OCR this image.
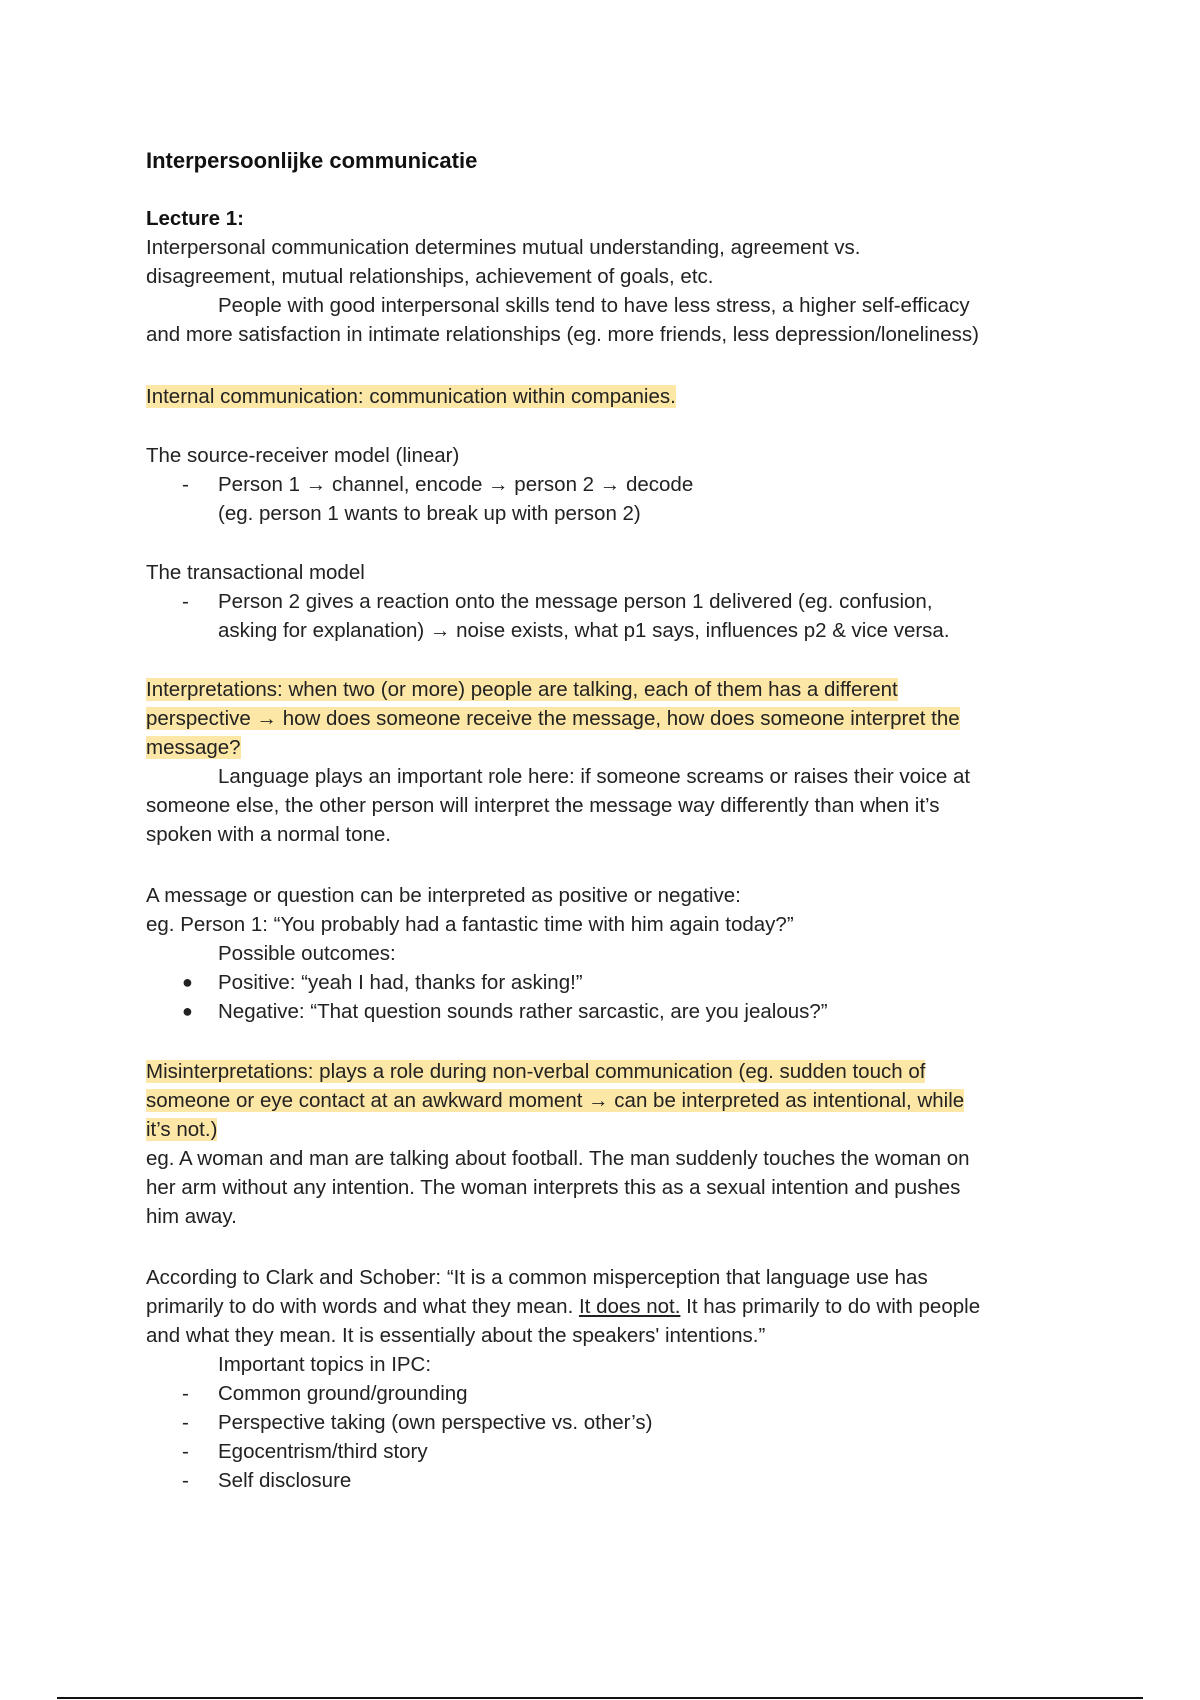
Interpersoonlijke communicatie
Lecture 1:
Interpersonal communication determines mutual understanding, agreement vs.
disagreement, mutual relationships, achievement of goals, etc.
People with good interpersonal skills tend to have less stress, a higher self-efficacy
and more satisfaction in intimate relationships (eg. more friends, less depression/loneliness)
Internal communication: communication within companies.
The source-receiver model (linear)
-	Person 1 → channel, encode → person 2 → decode
(eg. person 1 wants to break up with person 2)
The transactional model
-	Person 2 gives a reaction onto the message person 1 delivered (eg. confusion,
asking for explanation) → noise exists, what p1 says, influences p2 & vice versa.
Interpretations: when two (or more) people are talking, each of them has a different
perspective → how does someone receive the message, how does someone interpret the
message?
Language plays an important role here: if someone screams or raises their voice at
someone else, the other person will interpret the message way differently than when it’s
spoken with a normal tone.
A message or question can be interpreted as positive or negative:
eg. Person 1: “You probably had a fantastic time with him again today?”
Possible outcomes:
●	Positive: “yeah I had, thanks for asking!”
●	Negative: “That question sounds rather sarcastic, are you jealous?”
Misinterpretations: plays a role during non-verbal communication (eg. sudden touch of
someone or eye contact at an awkward moment → can be interpreted as intentional, while
it’s not.)
eg. A woman and man are talking about football. The man suddenly touches the woman on
her arm without any intention. The woman interprets this as a sexual intention and pushes
him away.
According to Clark and Schober: “It is a common misperception that language use has
primarily to do with words and what they mean. It does not. It has primarily to do with people
and what they mean. It is essentially about the speakers' intentions.”
Important topics in IPC:
-	Common ground/grounding
-	Perspective taking (own perspective vs. other’s)
-	Egocentrism/third story
-	Self disclosure
